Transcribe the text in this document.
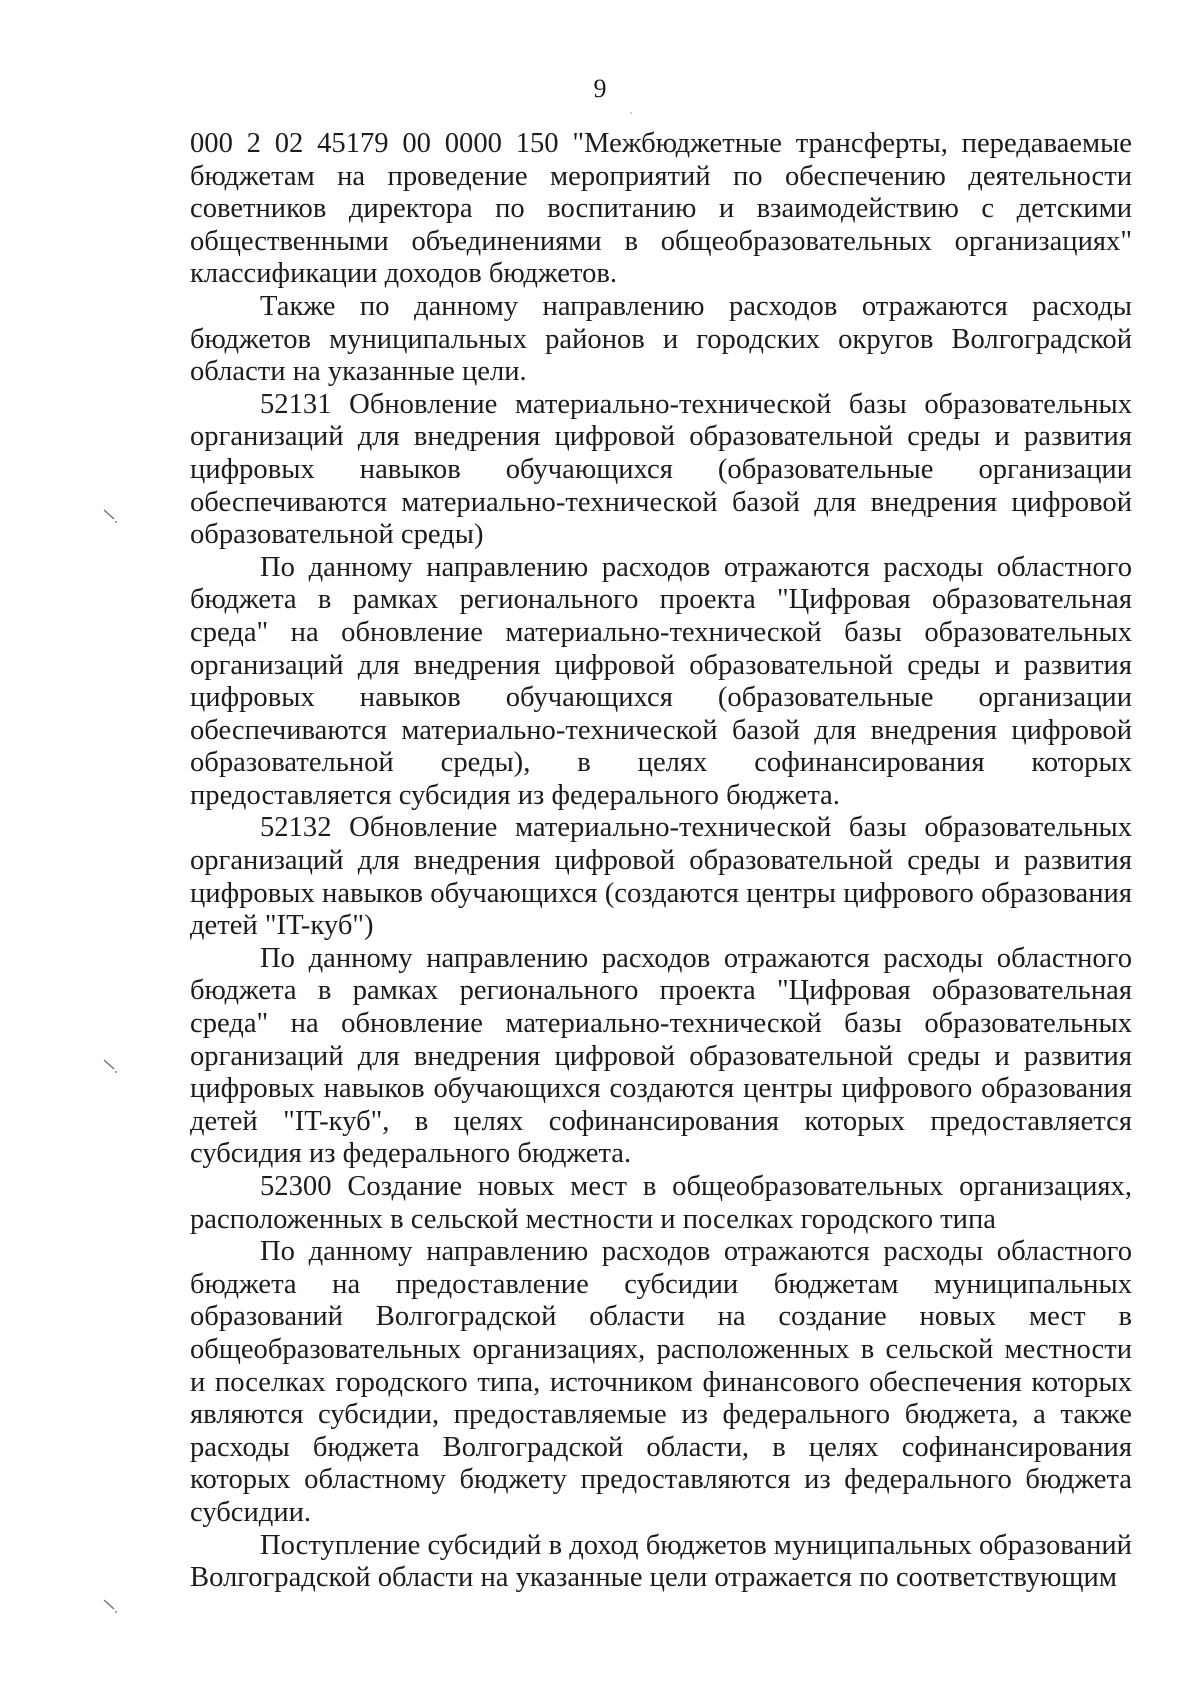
9

000 2 02 45179 00 0000 150 "Межбюджетные трансферты, передаваемые бюджетам на проведение мероприятий по обеспечению деятельности советников директора по воспитанию и взаимодействию с детскими общественными объединениями в общеобразовательных организациях" классификации доходов бюджетов.

Также по данному направлению расходов отражаются расходы бюджетов муниципальных районов и городских округов Волгоградской области на указанные цели.

52131 Обновление материально-технической базы образовательных организаций для внедрения цифровой образовательной среды и развития цифровых навыков обучающихся (образовательные организации обеспечиваются материально-технической базой для внедрения цифровой образовательной среды)

По данному направлению расходов отражаются расходы областного бюджета в рамках регионального проекта "Цифровая образовательная среда" на обновление материально-технической базы образовательных организаций для внедрения цифровой образовательной среды и развития цифровых навыков обучающихся (образовательные организации обеспечиваются материально-технической базой для внедрения цифровой образовательной среды), в целях софинансирования которых предоставляется субсидия из федерального бюджета.

52132 Обновление материально-технической базы образовательных организаций для внедрения цифровой образовательной среды и развития цифровых навыков обучающихся (создаются центры цифрового образования детей "IT-куб")

По данному направлению расходов отражаются расходы областного бюджета в рамках регионального проекта "Цифровая образовательная среда" на обновление материально-технической базы образовательных организаций для внедрения цифровой образовательной среды и развития цифровых навыков обучающихся создаются центры цифрового образования детей "IT-куб", в целях софинансирования которых предоставляется субсидия из федерального бюджета.

52300 Создание новых мест в общеобразовательных организациях, расположенных в сельской местности и поселках городского типа

По данному направлению расходов отражаются расходы областного бюджета на предоставление субсидии бюджетам муниципальных образований Волгоградской области на создание новых мест в общеобразовательных организациях, расположенных в сельской местности и поселках городского типа, источником финансового обеспечения которых являются субсидии, предоставляемые из федерального бюджета, а также расходы бюджета Волгоградской области, в целях софинансирования которых областному бюджету предоставляются из федерального бюджета субсидии.

Поступление субсидий в доход бюджетов муниципальных образований Волгоградской области на указанные цели отражается по соответствующим
